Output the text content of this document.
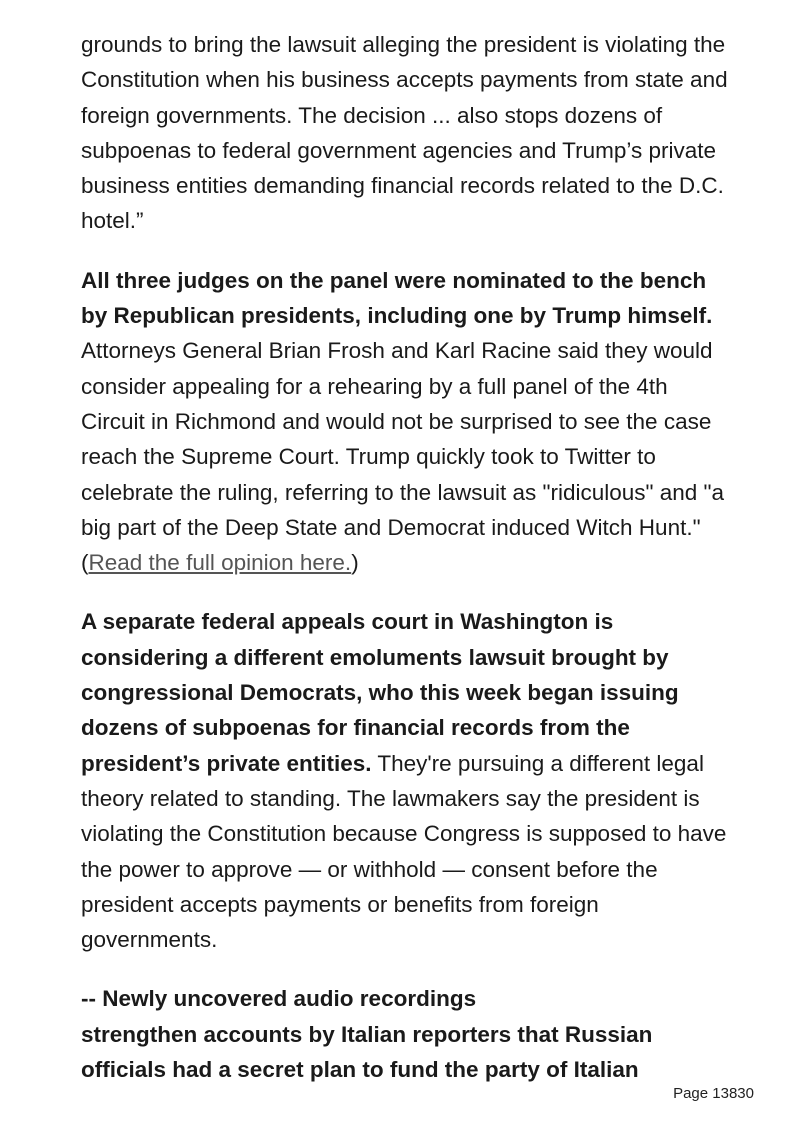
grounds to bring the lawsuit alleging the president is violating the Constitution when his business accepts payments from state and foreign governments. The decision ... also stops dozens of subpoenas to federal government agencies and Trump’s private business entities demanding financial records related to the D.C. hotel.”

All three judges on the panel were nominated to the bench by Republican presidents, including one by Trump himself. Attorneys General Brian Frosh and Karl Racine said they would consider appealing for a rehearing by a full panel of the 4th Circuit in Richmond and would not be surprised to see the case reach the Supreme Court. Trump quickly took to Twitter to celebrate the ruling, referring to the lawsuit as "ridiculous" and "a big part of the Deep State and Democrat induced Witch Hunt." (Read the full opinion here.)

A separate federal appeals court in Washington is considering a different emoluments lawsuit brought by congressional Democrats, who this week began issuing dozens of subpoenas for financial records from the president’s private entities. They're pursuing a different legal theory related to standing. The lawmakers say the president is violating the Constitution because Congress is supposed to have the power to approve — or withhold — consent before the president accepts payments or benefits from foreign governments.

-- Newly uncovered audio recordings
strengthen accounts by Italian reporters that Russian officials had a secret plan to fund the party of Italian

Page 13830
